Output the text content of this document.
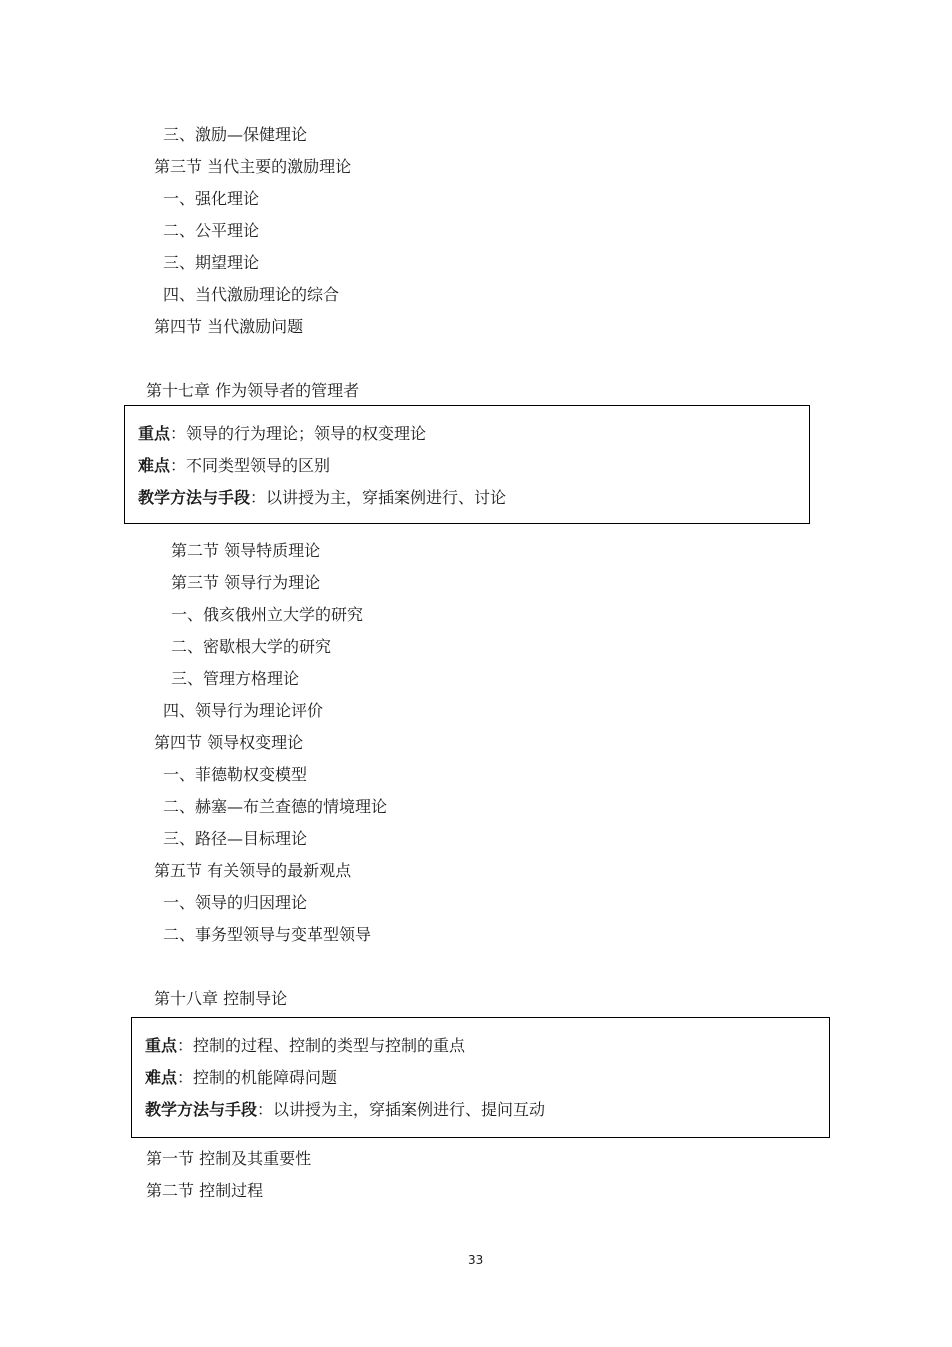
三、激励—保健理论
第三节 当代主要的激励理论
一、强化理论
二、公平理论
三、期望理论
四、当代激励理论的综合
第四节 当代激励问题
第十七章 作为领导者的管理者
重点：领导的行为理论；领导的权变理论
难点：不同类型领导的区别
教学方法与手段：以讲授为主，穿插案例进行、讨论
第二节 领导特质理论
第三节 领导行为理论
一、俄亥俄州立大学的研究
二、密歇根大学的研究
三、管理方格理论
四、领导行为理论评价
第四节 领导权变理论
一、菲德勒权变模型
二、赫塞—布兰查德的情境理论
三、路径—目标理论
第五节 有关领导的最新观点
一、领导的归因理论
二、事务型领导与变革型领导
第十八章 控制导论
重点：控制的过程、控制的类型与控制的重点
难点：控制的机能障碍问题
教学方法与手段：以讲授为主，穿插案例进行、提问互动
第一节 控制及其重要性
第二节 控制过程
33
